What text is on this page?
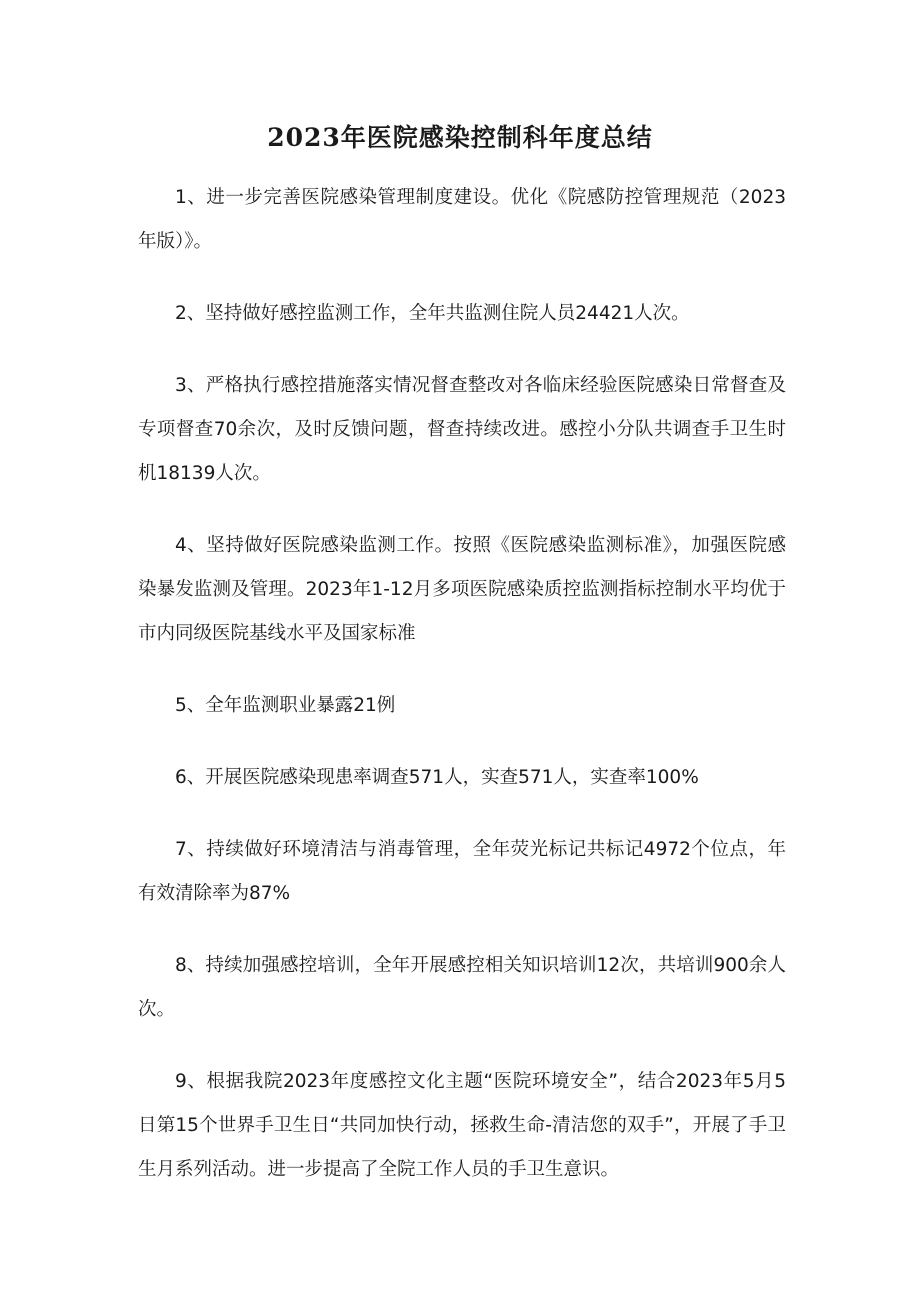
2023年医院感染控制科年度总结

1、进一步完善医院感染管理制度建设。优化《院感防控管理规范（2023年版）》。

2、坚持做好感控监测工作，全年共监测住院人员24421人次。

3、严格执行感控措施落实情况督查整改对各临床经验医院感染日常督查及专项督查70余次，及时反馈问题，督查持续改进。感控小分队共调查手卫生时机18139人次。

4、坚持做好医院感染监测工作。按照《医院感染监测标准》，加强医院感染暴发监测及管理。2023年1-12月多项医院感染质控监测指标控制水平均优于市内同级医院基线水平及国家标准

5、全年监测职业暴露21例

6、开展医院感染现患率调查571人，实查571人，实查率100%

7、持续做好环境清洁与消毒管理，全年荧光标记共标记4972个位点，年有效清除率为87%

8、持续加强感控培训，全年开展感控相关知识培训12次，共培训900余人次。

9、根据我院2023年度感控文化主题“医院环境安全”，结合2023年5月5日第15个世界手卫生日“共同加快行动，拯救生命-清洁您的双手”，开展了手卫生月系列活动。进一步提高了全院工作人员的手卫生意识。
